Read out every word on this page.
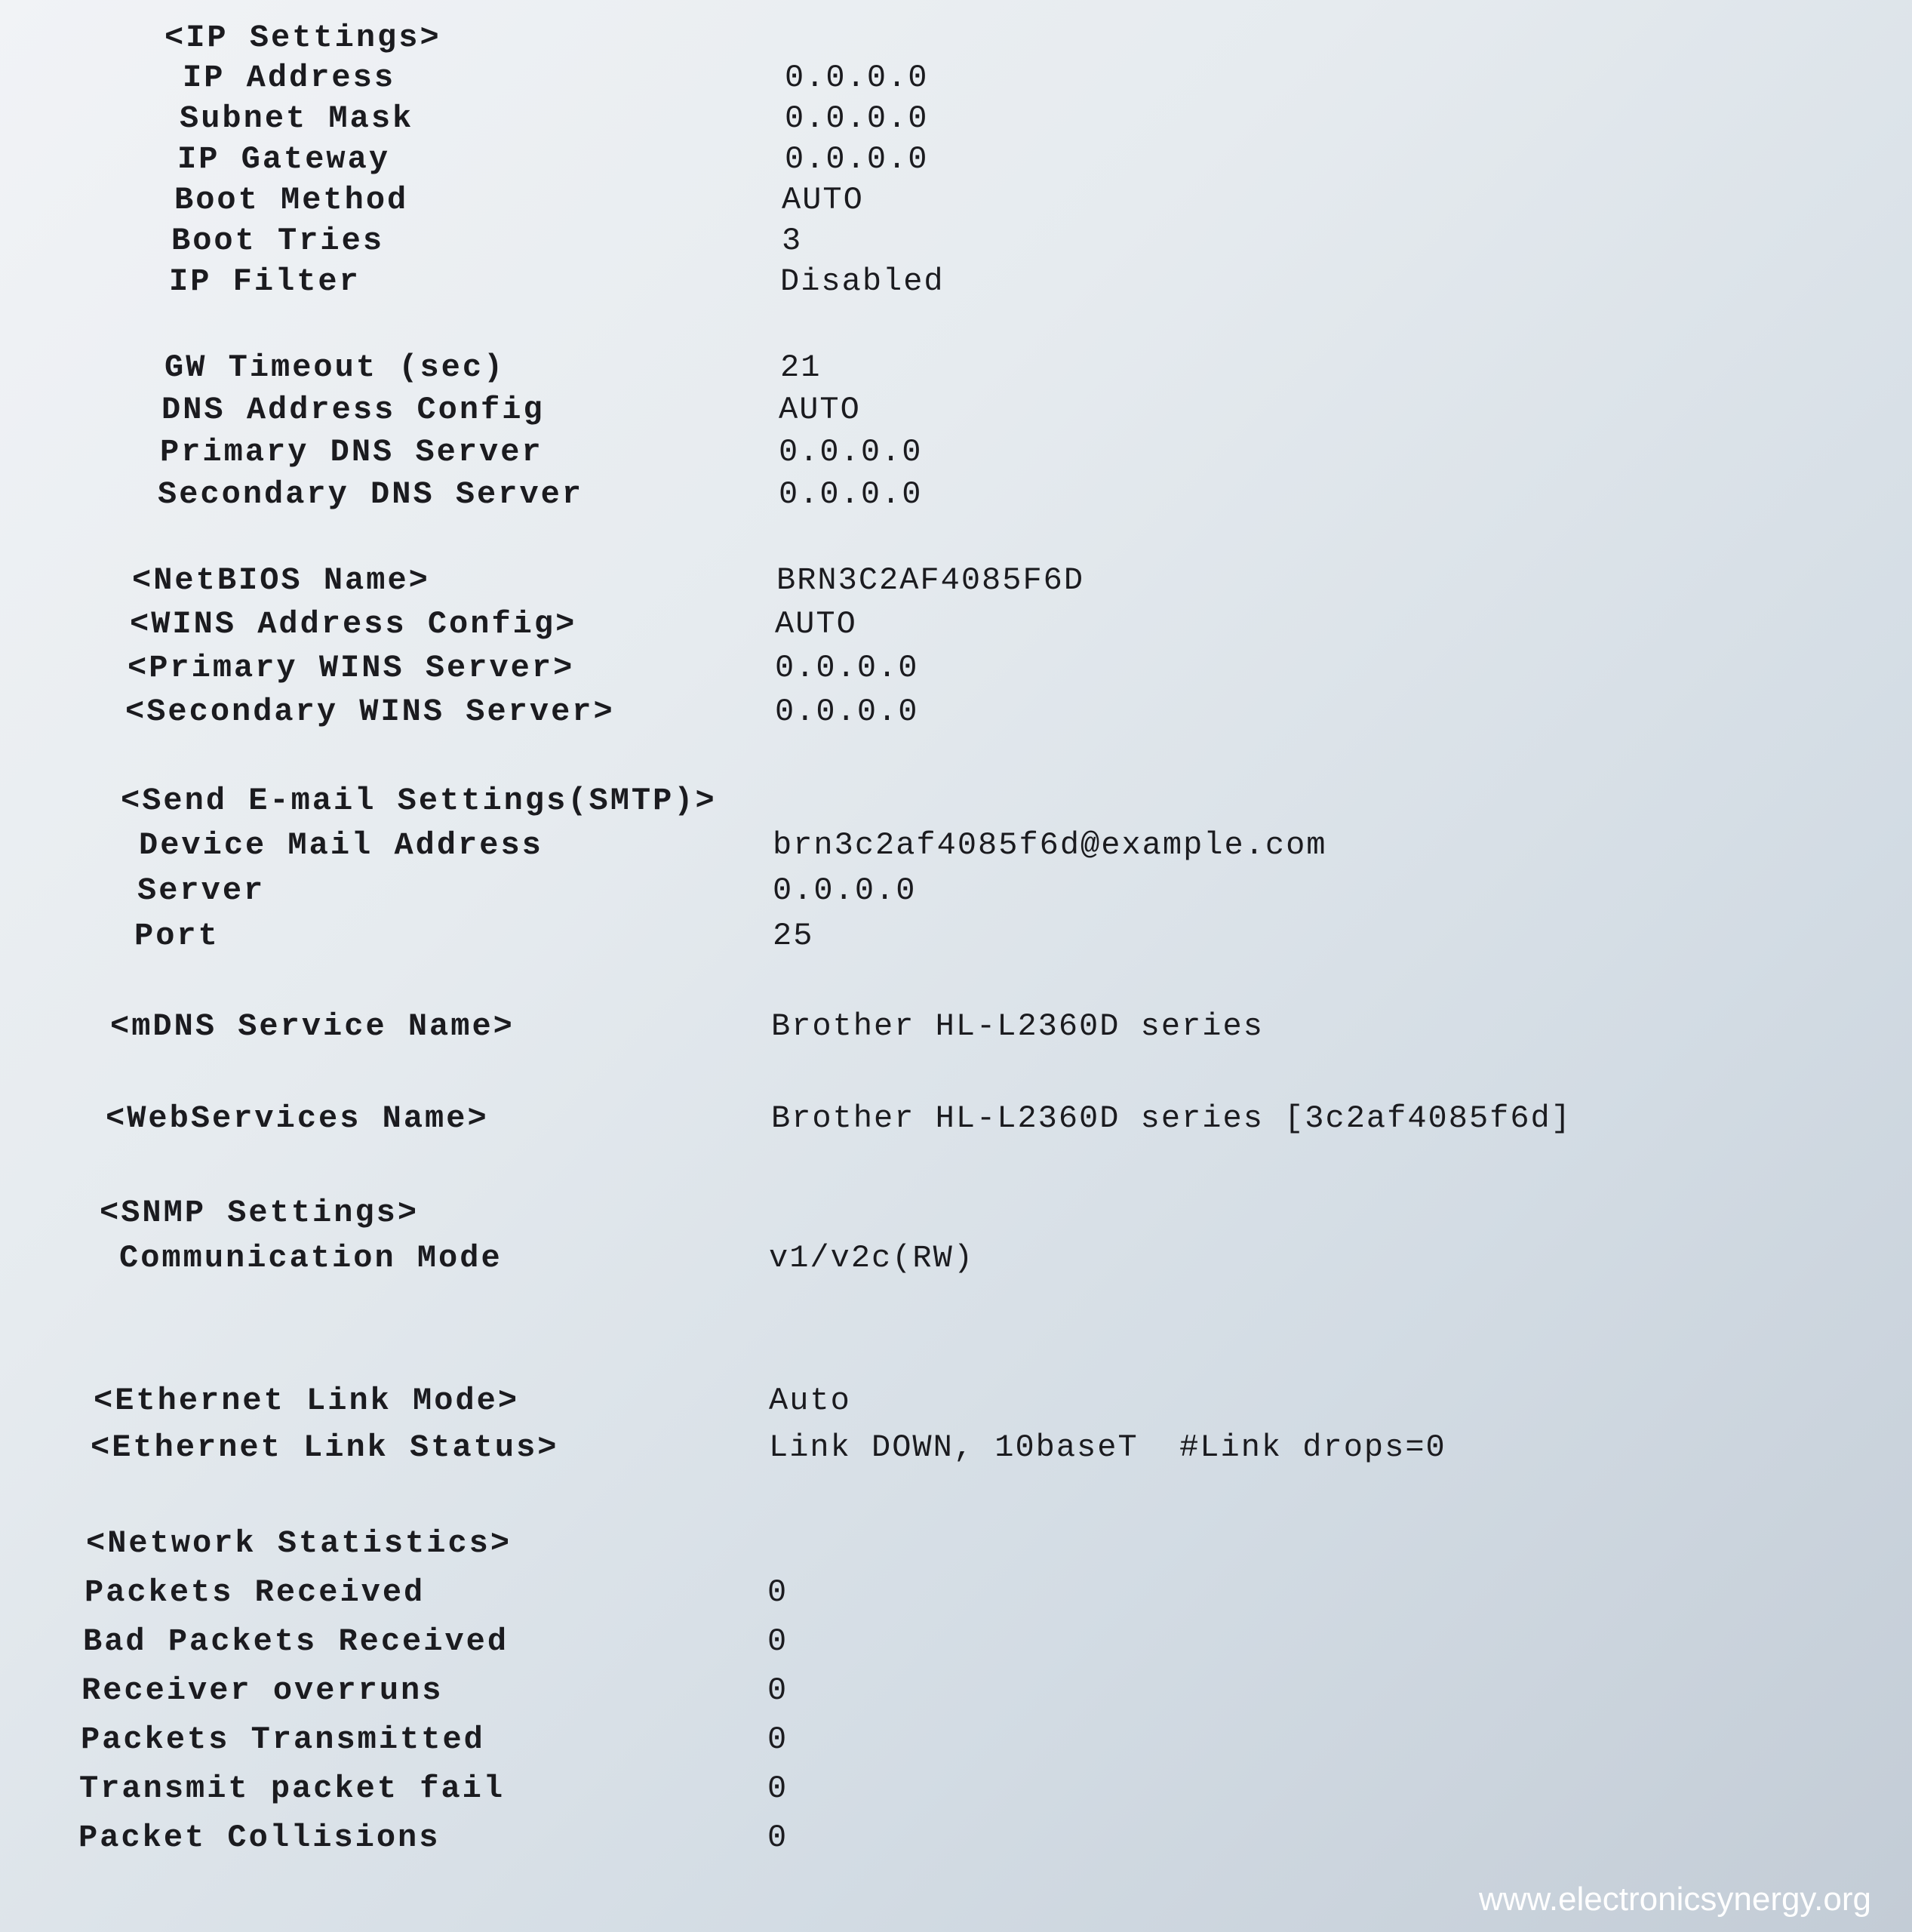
<IP Settings>
IP Address	0.0.0.0
Subnet Mask	0.0.0.0
IP Gateway	0.0.0.0
Boot Method	AUTO
Boot Tries	3
IP Filter	Disabled
GW Timeout (sec)	21
DNS Address Config	AUTO
Primary DNS Server	0.0.0.0
Secondary DNS Server	0.0.0.0
<NetBIOS Name>	BRN3C2AF4085F6D
<WINS Address Config>	AUTO
<Primary WINS Server>	0.0.0.0
<Secondary WINS Server>	0.0.0.0
<Send E-mail Settings(SMTP)>
Device Mail Address	brn3c2af4085f6d@example.com
Server	0.0.0.0
Port	25
<mDNS Service Name>	Brother HL-L2360D series
<WebServices Name>	Brother HL-L2360D series [3c2af4085f6d]
<SNMP Settings>
Communication Mode	v1/v2c(RW)
<Ethernet Link Mode>	Auto
<Ethernet Link Status>	Link DOWN, 10baseT  #Link drops=0
<Network Statistics>
Packets Received	0
Bad Packets Received	0
Receiver overruns	0
Packets Transmitted	0
Transmit packet fail	0
Packet Collisions	0
www.electronicsynergy.org
